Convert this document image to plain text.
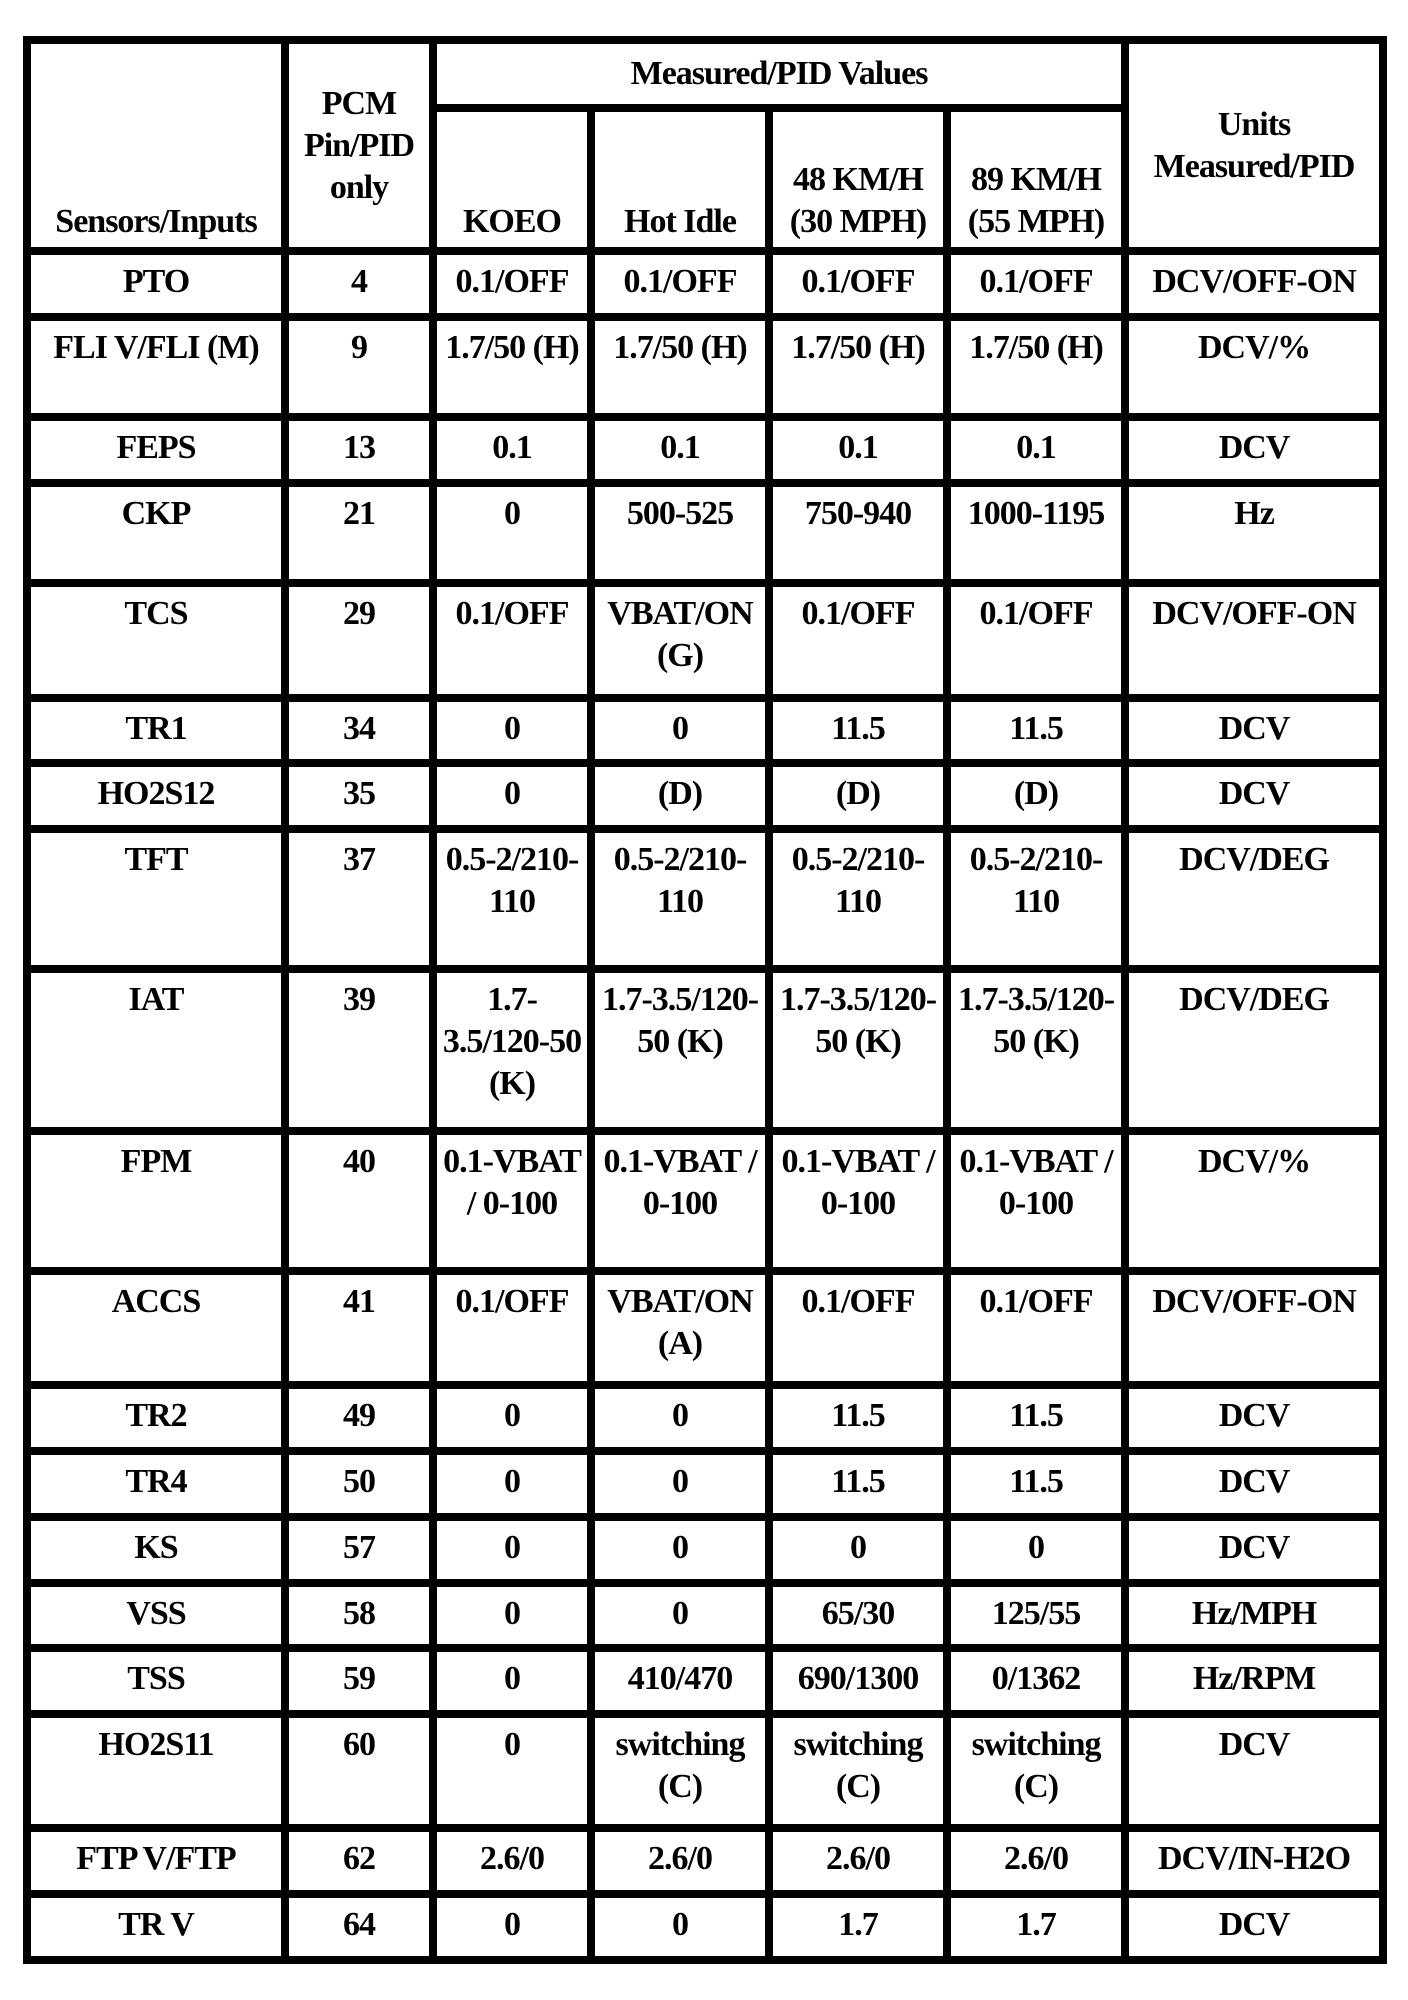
Sensors/Inputs	PCM Pin/PID only	Measured/PID Values				Units Measured/PID
		KOEO	Hot Idle	48 KM/H (30 MPH)	89 KM/H (55 MPH)	
PTO	4	0.1/OFF	0.1/OFF	0.1/OFF	0.1/OFF	DCV/OFF-ON
FLI V/FLI (M)	9	1.7/50 (H)	1.7/50 (H)	1.7/50 (H)	1.7/50 (H)	DCV/%
FEPS	13	0.1	0.1	0.1	0.1	DCV
CKP	21	0	500-525	750-940	1000-1195	Hz
TCS	29	0.1/OFF	VBAT/ON (G)	0.1/OFF	0.1/OFF	DCV/OFF-ON
TR1	34	0	0	11.5	11.5	DCV
HO2S12	35	0	(D)	(D)	(D)	DCV
TFT	37	0.5-2/210-110	0.5-2/210-110	0.5-2/210-110	0.5-2/210-110	DCV/DEG
IAT	39	1.7-3.5/120-50 (K)	1.7-3.5/120-50 (K)	1.7-3.5/120-50 (K)	1.7-3.5/120-50 (K)	DCV/DEG
FPM	40	0.1-VBAT / 0-100	0.1-VBAT / 0-100	0.1-VBAT / 0-100	0.1-VBAT / 0-100	DCV/%
ACCS	41	0.1/OFF	VBAT/ON (A)	0.1/OFF	0.1/OFF	DCV/OFF-ON
TR2	49	0	0	11.5	11.5	DCV
TR4	50	0	0	11.5	11.5	DCV
KS	57	0	0	0	0	DCV
VSS	58	0	0	65/30	125/55	Hz/MPH
TSS	59	0	410/470	690/1300	0/1362	Hz/RPM
HO2S11	60	0	switching (C)	switching (C)	switching (C)	DCV
FTP V/FTP	62	2.6/0	2.6/0	2.6/0	2.6/0	DCV/IN-H2O
TR V	64	0	0	1.7	1.7	DCV
